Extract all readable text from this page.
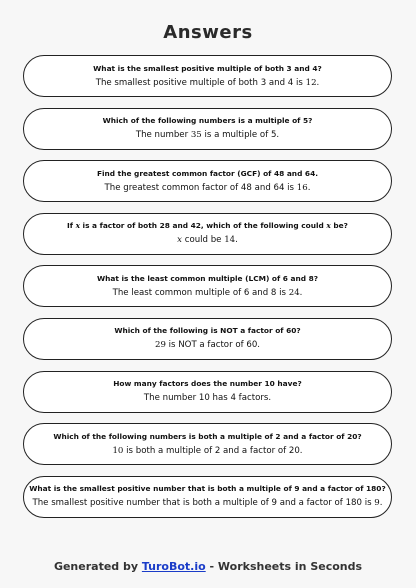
Answers
What is the smallest positive multiple of both 3 and 4?
The smallest positive multiple of both 3 and 4 is 12.
Which of the following numbers is a multiple of 5?
The number 35 is a multiple of 5.
Find the greatest common factor (GCF) of 48 and 64.
The greatest common factor of 48 and 64 is 16.
If x is a factor of both 28 and 42, which of the following could x be?
x could be 14.
What is the least common multiple (LCM) of 6 and 8?
The least common multiple of 6 and 8 is 24.
Which of the following is NOT a factor of 60?
29 is NOT a factor of 60.
How many factors does the number 10 have?
The number 10 has 4 factors.
Which of the following numbers is both a multiple of 2 and a factor of 20?
10 is both a multiple of 2 and a factor of 20.
What is the smallest positive number that is both a multiple of 9 and a factor of 180?
The smallest positive number that is both a multiple of 9 and a factor of 180 is 9.
Generated by TuroBot.io - Worksheets in Seconds
